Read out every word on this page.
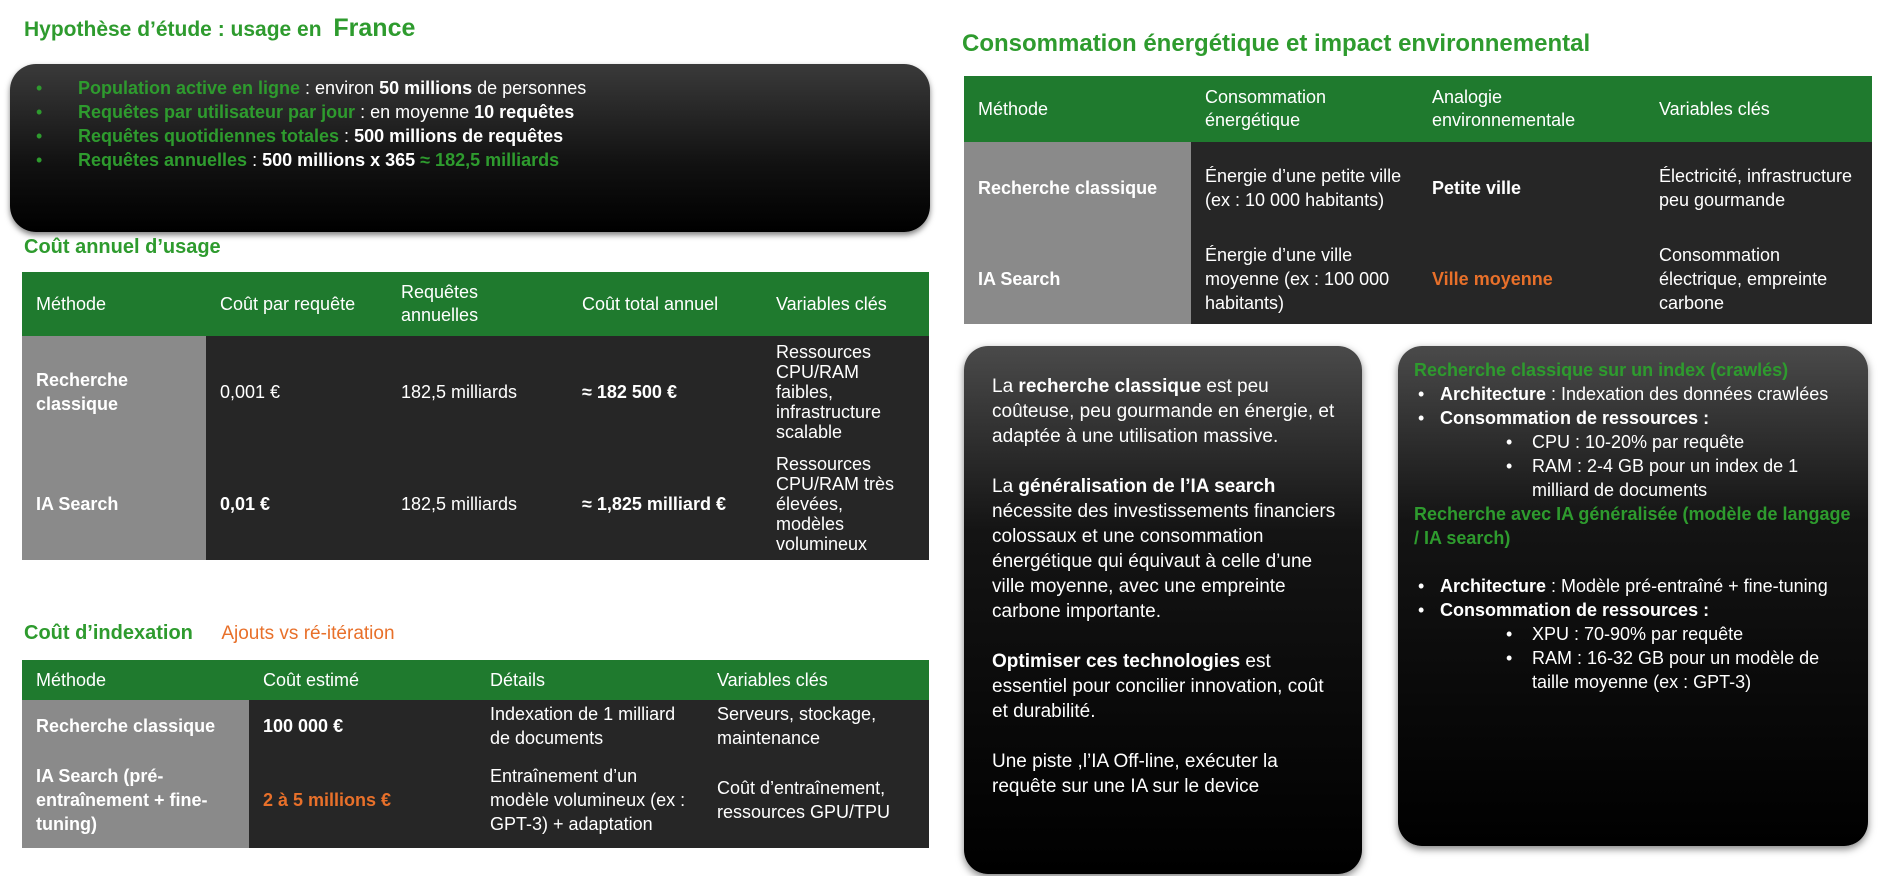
Hypothèse d’étude : usage en France
• Population active en ligne : environ 50 millions de personnes
• Requêtes par utilisateur par jour : en moyenne 10 requêtes
• Requêtes quotidiennes totales : 500 millions de requêtes
• Requêtes annuelles : 500 millions x 365 ≈ 182,5 milliards
Coût annuel d’usage
Méthode	Coût par requête	Requêtes annuelles	Coût total annuel	Variables clés
Recherche classique	0,001 €	182,5 milliards	≈ 182 500 €	Ressources CPU/RAM faibles, infrastructure scalable
IA Search	0,01 €	182,5 milliards	≈ 1,825 milliard €	Ressources CPU/RAM très élevées, modèles volumineux
Coût d’indexation Ajouts vs ré-itération
Méthode	Coût estimé	Détails	Variables clés
Recherche classique	100 000 €	Indexation de 1 milliard de documents	Serveurs, stockage, maintenance
IA Search (pré-entraînement + fine-tuning)	2 à 5 millions €	Entraînement d’un modèle volumineux (ex : GPT-3) + adaptation	Coût d’entraînement, ressources GPU/TPU
Consommation énergétique et impact environnemental
Méthode	Consommation énergétique	Analogie environnementale	Variables clés
Recherche classique	Énergie d’une petite ville (ex : 10 000 habitants)	Petite ville	Électricité, infrastructure peu gourmande
IA Search	Énergie d’une ville moyenne (ex : 100 000 habitants)	Ville moyenne	Consommation électrique, empreinte carbone

La recherche classique est peu coûteuse, peu gourmande en énergie, et adaptée à une utilisation massive.

La généralisation de l’IA search nécessite des investissements financiers colossaux et une consommation énergétique qui équivaut à celle d’une ville moyenne, avec une empreinte carbone importante.

Optimiser ces technologies est essentiel pour concilier innovation, coût et durabilité.

Une piste ,l’IA Off-line, exécuter la requête sur une IA sur le device

Recherche classique sur un index (crawlés)
• Architecture : Indexation des données crawlées
• Consommation de ressources :
• CPU : 10-20% par requête
• RAM : 2-4 GB pour un index de 1 milliard de documents
Recherche avec IA généralisée (modèle de langage / IA search)
• Architecture : Modèle pré-entraîné + fine-tuning
• Consommation de ressources :
• XPU : 70-90% par requête
• RAM : 16-32 GB pour un modèle de taille moyenne (ex : GPT-3)
